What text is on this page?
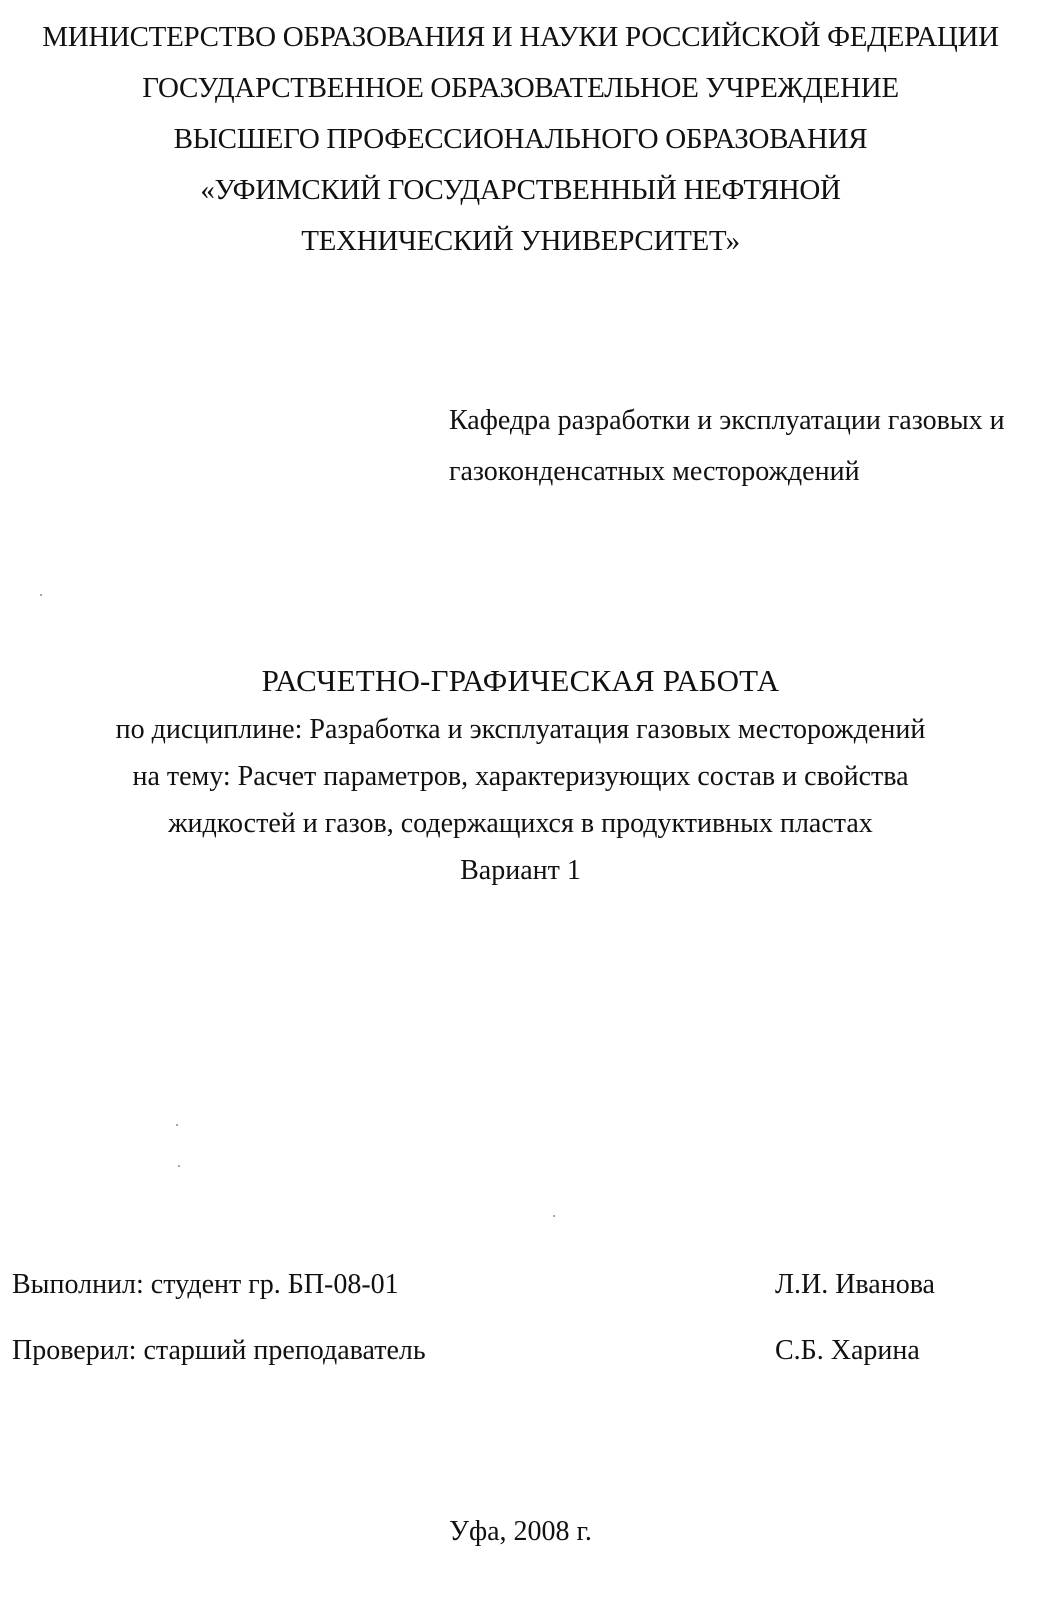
МИНИСТЕРСТВО ОБРАЗОВАНИЯ И НАУКИ РОССИЙСКОЙ ФЕДЕРАЦИИ
ГОСУДАРСТВЕННОЕ ОБРАЗОВАТЕЛЬНОЕ УЧРЕЖДЕНИЕ
ВЫСШЕГО ПРОФЕССИОНАЛЬНОГО ОБРАЗОВАНИЯ
«УФИМСКИЙ ГОСУДАРСТВЕННЫЙ НЕФТЯНОЙ
ТЕХНИЧЕСКИЙ УНИВЕРСИТЕТ»
Кафедра разработки и эксплуатации газовых и
газоконденсатных месторождений
РАСЧЕТНО-ГРАФИЧЕСКАЯ РАБОТА
по дисциплине: Разработка и эксплуатация газовых месторождений
на тему: Расчет параметров, характеризующих состав и свойства
жидкостей и газов, содержащихся в продуктивных пластах
Вариант 1
Выполнил: студент гр. БП-08-01	Л.И. Иванова
Проверил: старший преподаватель	С.Б. Харина
Уфа, 2008 г.
